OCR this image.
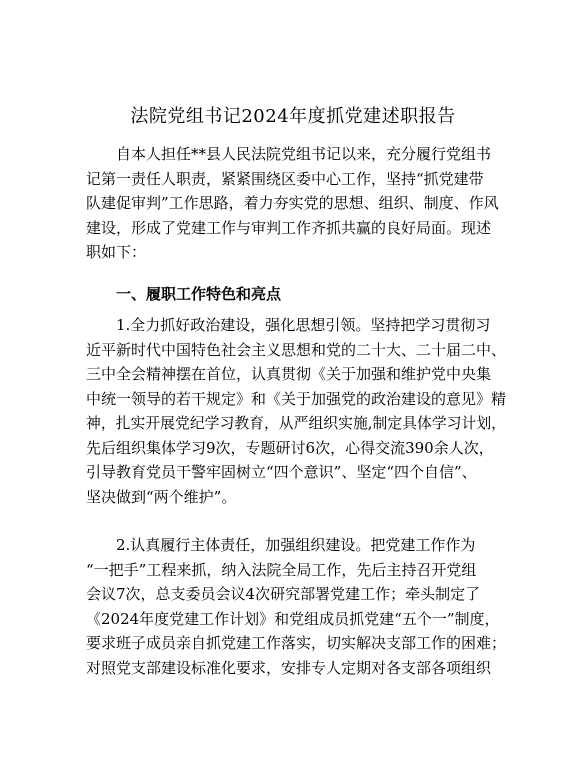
法院党组书记2024年度抓党建述职报告
自本人担任**县人民法院党组书记以来，充分履行党组书
记第一责任人职责，紧紧围绕区委中心工作，坚持“抓党建带
队建促审判”工作思路，着力夯实党的思想、组织、制度、作风
建设，形成了党建工作与审判工作齐抓共赢的良好局面。现述
职如下：
一、履职工作特色和亮点
1.全力抓好政治建设，强化思想引领。坚持把学习贯彻习
近平新时代中国特色社会主义思想和党的二十大、二十届二中、
三中全会精神摆在首位，认真贯彻《关于加强和维护党中央集
中统一领导的若干规定》和《关于加强党的政治建设的意见》精
神，扎实开展党纪学习教育，从严组织实施,制定具体学习计划，
先后组织集体学习9次，专题研讨6次，心得交流390余人次，
引导教育党员干警牢固树立“四个意识”、坚定“四个自信”、
坚决做到“两个维护”。
2.认真履行主体责任，加强组织建设。把党建工作作为
“一把手”工程来抓，纳入法院全局工作，先后主持召开党组
会议7次，总支委员会议4次研究部署党建工作；牵头制定了
《2024年度党建工作计划》和党组成员抓党建“五个一”制度，
要求班子成员亲自抓党建工作落实，切实解决支部工作的困难；
对照党支部建设标准化要求，安排专人定期对各支部各项组织
